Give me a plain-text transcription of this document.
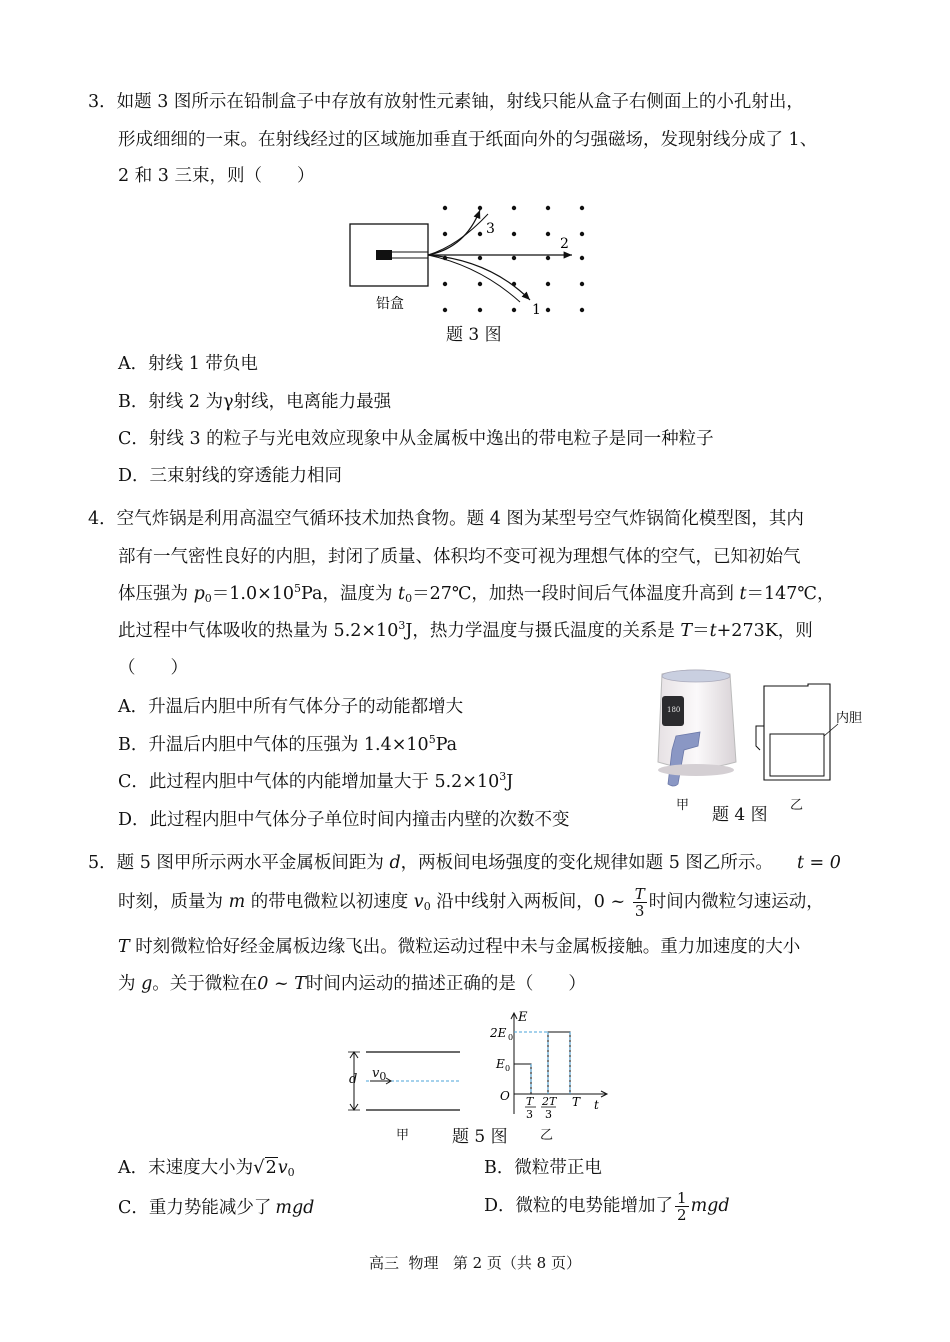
3．如题 3 图所示在铅制盒子中存放有放射性元素铀，射线只能从盒子右侧面上的小孔射出，
形成细细的一束。在射线经过的区域施加垂直于纸面向外的匀强磁场，发现射线分成了 1、
2 和 3 三束，则（　　）
3
2
1
铅盒
题 3 图
A．射线 1 带负电
B．射线 2 为γ射线，电离能力最强
C．射线 3 的粒子与光电效应现象中从金属板中逸出的带电粒子是同一种粒子
D．三束射线的穿透能力相同
4．空气炸锅是利用高温空气循环技术加热食物。题 4 图为某型号空气炸锅简化模型图，其内
部有一气密性良好的内胆，封闭了质量、体积均不变可视为理想气体的空气，已知初始气
体压强为 $p_0=1.0\times 10^5Pa$，温度为 $t_0=27℃$，加热一段时间后气体温度升高到 t＝147℃，
此过程中气体吸收的热量为 $5.2\times 10^3J$，热力学温度与摄氏温度的关系是 T＝t+273K，则
（　　）
A．升温后内胆中所有气体分子的动能都增大
B．升温后内胆中气体的压强为 $1.4\times 10^5Pa$
C．此过程内胆中气体的内能增加量大于 $5.2\times 10^3J$
D．此过程内胆中气体分子单位时间内撞击内壁的次数不变
180
内胆
甲 题 4 图 乙
5．题 5 图甲所示两水平金属板间距为 d，两板间电场强度的变化规律如题 5 图乙所示。 t = 0
时刻，质量为 m 的带电微粒以初速度 $v_0$ 沿中线射入两板间，0 ~ $\frac{T}{3}$ 时间内微粒匀速运动，
T 时刻微粒恰好经金属板边缘飞出。微粒运动过程中未与金属板接触。重力加速度的大小
为 g。关于微粒在0 ~ T时间内运动的描述正确的是（　　）
d $v_0$
甲
E
2E 0
E 0
O
t
T
T
3
2T
3
题 5 图 乙
A．末速度大小为$√2v_0$	B．微粒带正电
C．重力势能减少了 mgd	D．微粒的电势能增加了 $\frac{1}{2}$ mgd
高三  物理   第 2 页（共 8 页）
